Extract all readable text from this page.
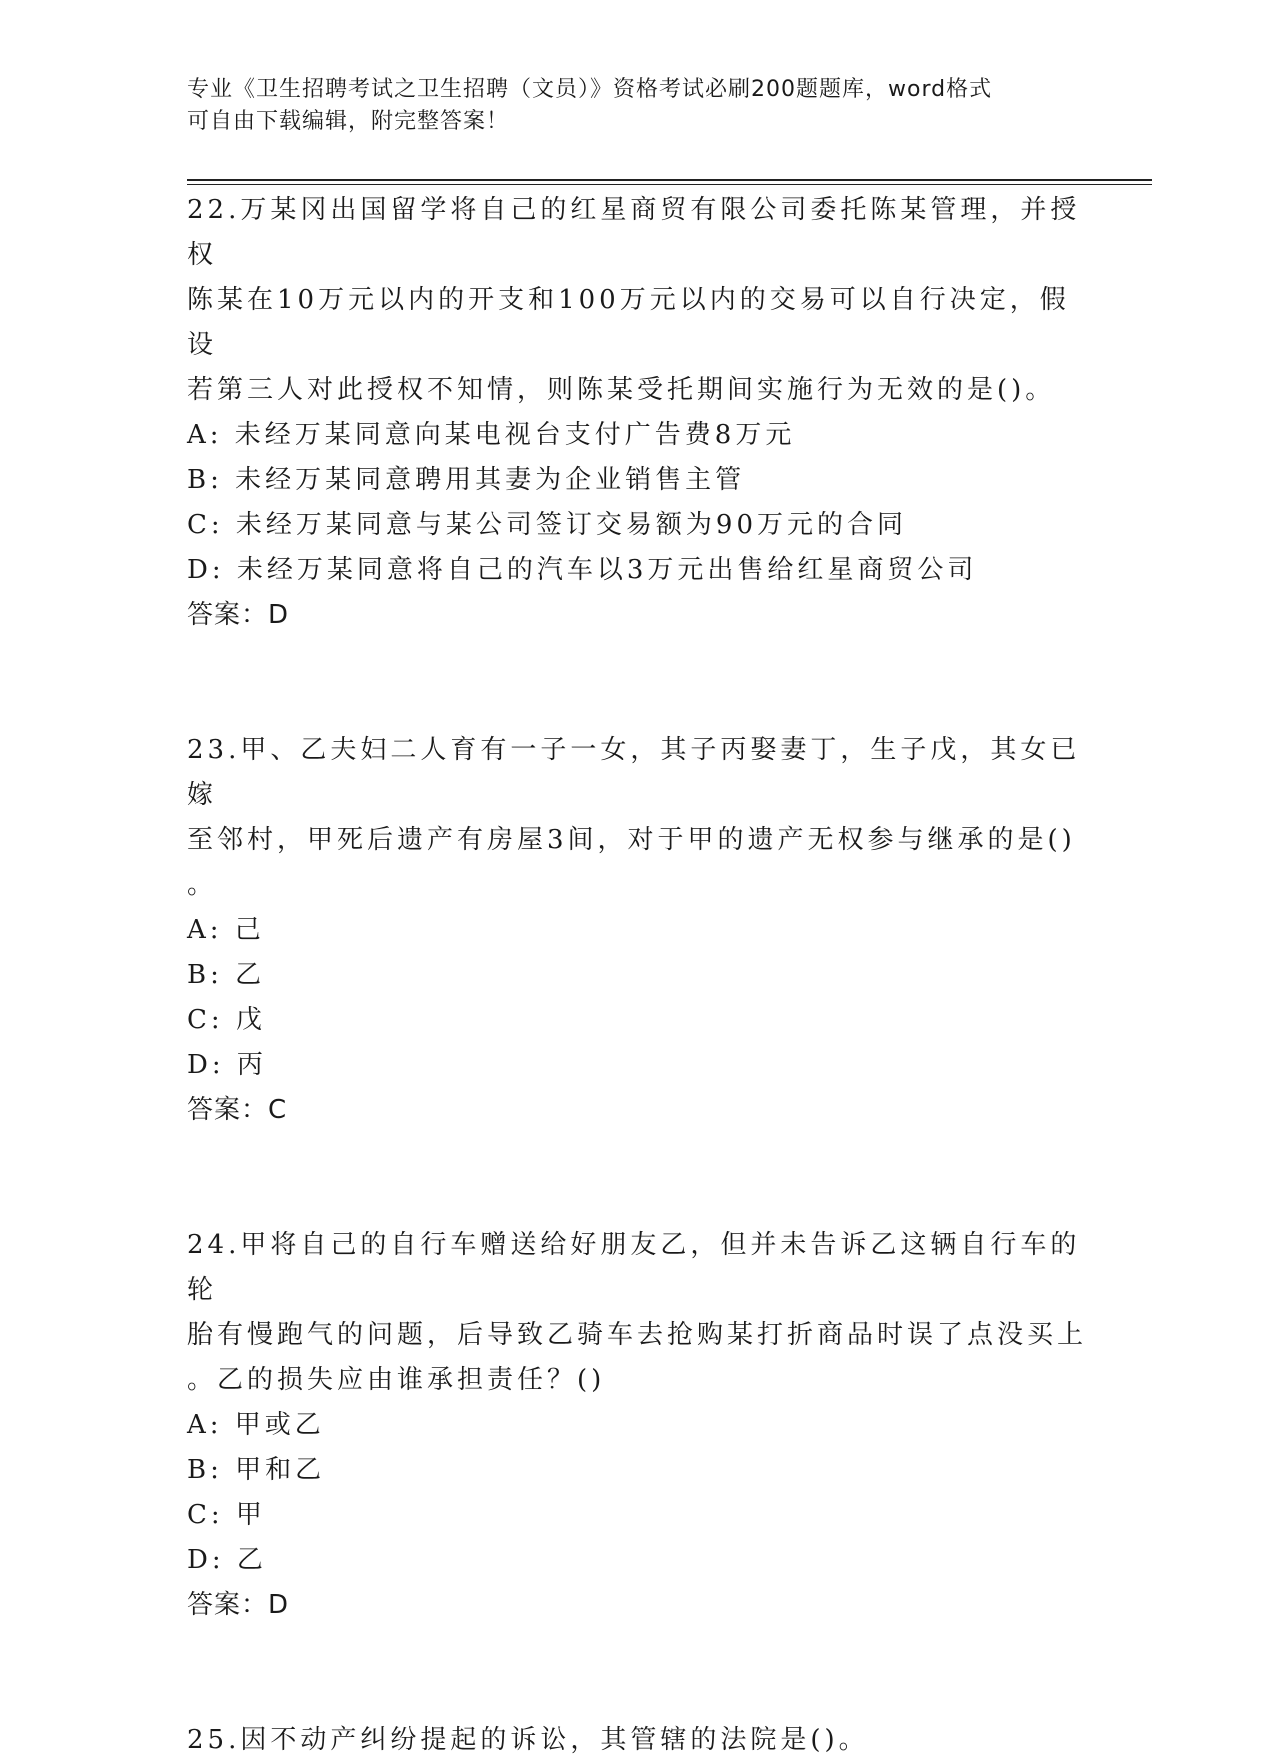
专业《卫生招聘考试之卫生招聘（文员）》资格考试必刷200题题库，word格式
可自由下载编辑，附完整答案！

22.万某冈出国留学将自己的红星商贸有限公司委托陈某管理，并授权
陈某在10万元以内的开支和100万元以内的交易可以自行决定，假设
若第三人对此授权不知情，则陈某受托期间实施行为无效的是()。

A: 未经万某同意向某电视台支付广告费8万元

B: 未经万某同意聘用其妻为企业销售主管

C: 未经万某同意与某公司签订交易额为90万元的合同

D: 未经万某同意将自己的汽车以3万元出售给红星商贸公司

答案：D

23.甲、乙夫妇二人育有一子一女，其子丙娶妻丁，生子戊，其女已嫁
至邻村，甲死后遗产有房屋3间，对于甲的遗产无权参与继承的是()
。

A: 己

B: 乙

C: 戊

D: 丙

答案：C

24.甲将自己的自行车赠送给好朋友乙，但并未告诉乙这辆自行车的轮
胎有慢跑气的问题，后导致乙骑车去抢购某打折商品时误了点没买上
。乙的损失应由谁承担责任？()

A: 甲或乙

B: 甲和乙

C: 甲

D: 乙

答案：D

25.因不动产纠纷提起的诉讼，其管辖的法院是()。
